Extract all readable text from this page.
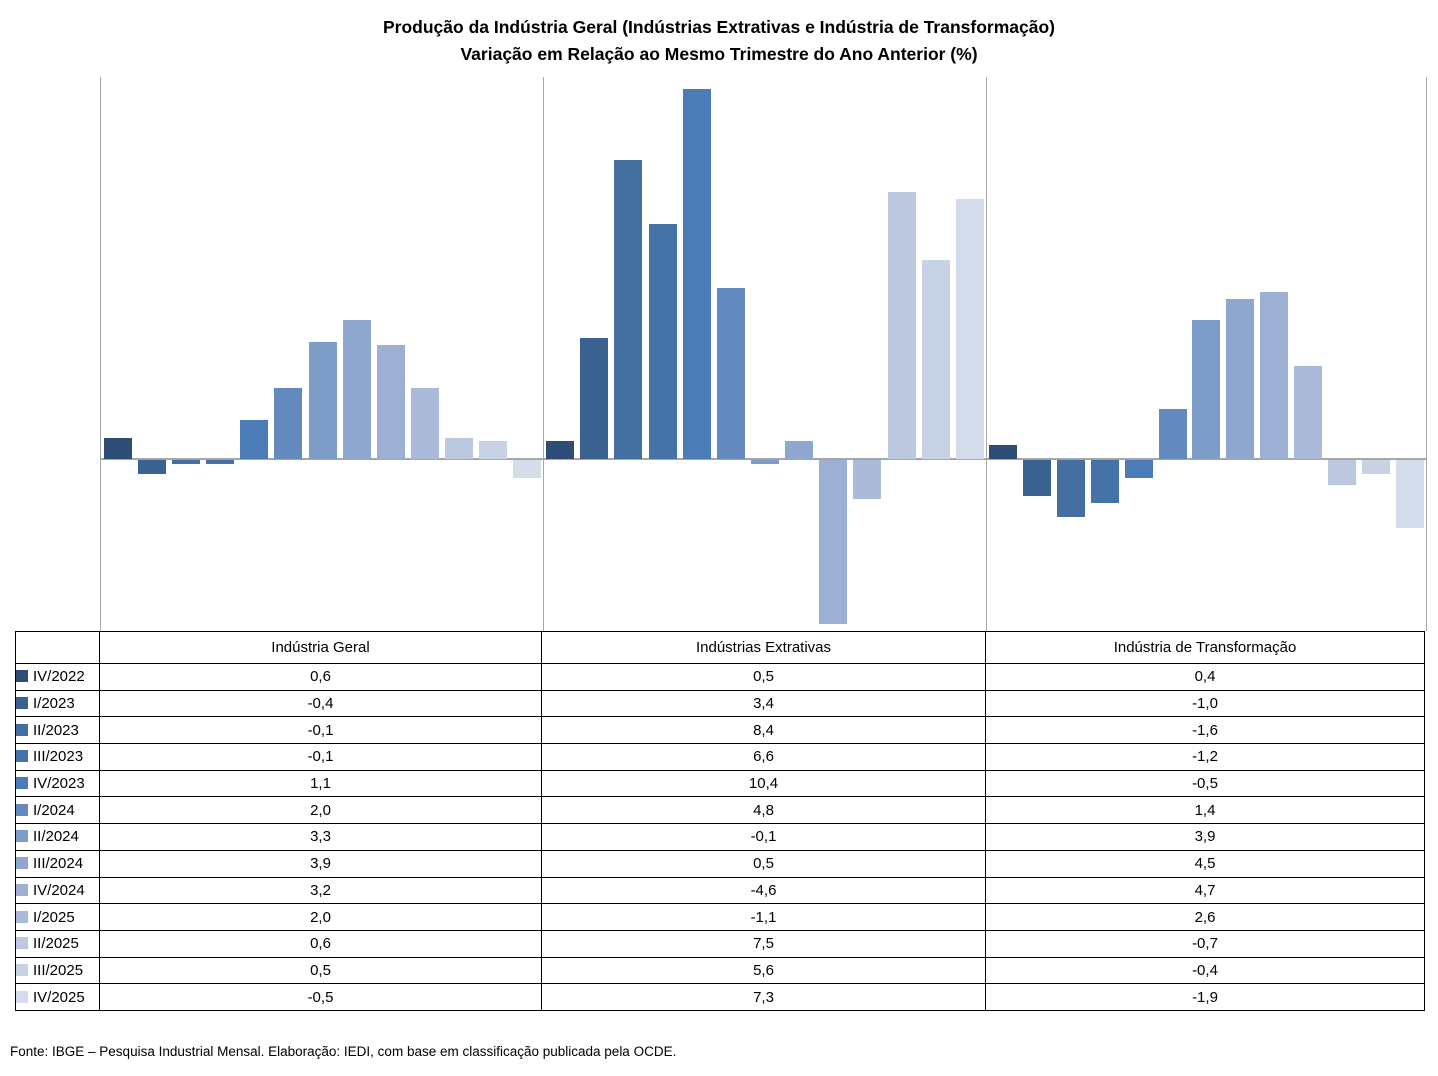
Produção da Indústria Geral (Indústrias Extrativas e Indústria de Transformação)
Variação em Relação ao Mesmo Trimestre do Ano Anterior (%)
	Indústria Geral	Indústrias Extrativas	Indústria de Transformação
IV/2022	0,6	0,5	0,4
I/2023	-0,4	3,4	-1,0
II/2023	-0,1	8,4	-1,6
III/2023	-0,1	6,6	-1,2
IV/2023	1,1	10,4	-0,5
I/2024	2,0	4,8	1,4
II/2024	3,3	-0,1	3,9
III/2024	3,9	0,5	4,5
IV/2024	3,2	-4,6	4,7
I/2025	2,0	-1,1	2,6
II/2025	0,6	7,5	-0,7
III/2025	0,5	5,6	-0,4
IV/2025	-0,5	7,3	-1,9
Fonte: IBGE – Pesquisa Industrial Mensal. Elaboração: IEDI, com base em classificação publicada pela OCDE.
